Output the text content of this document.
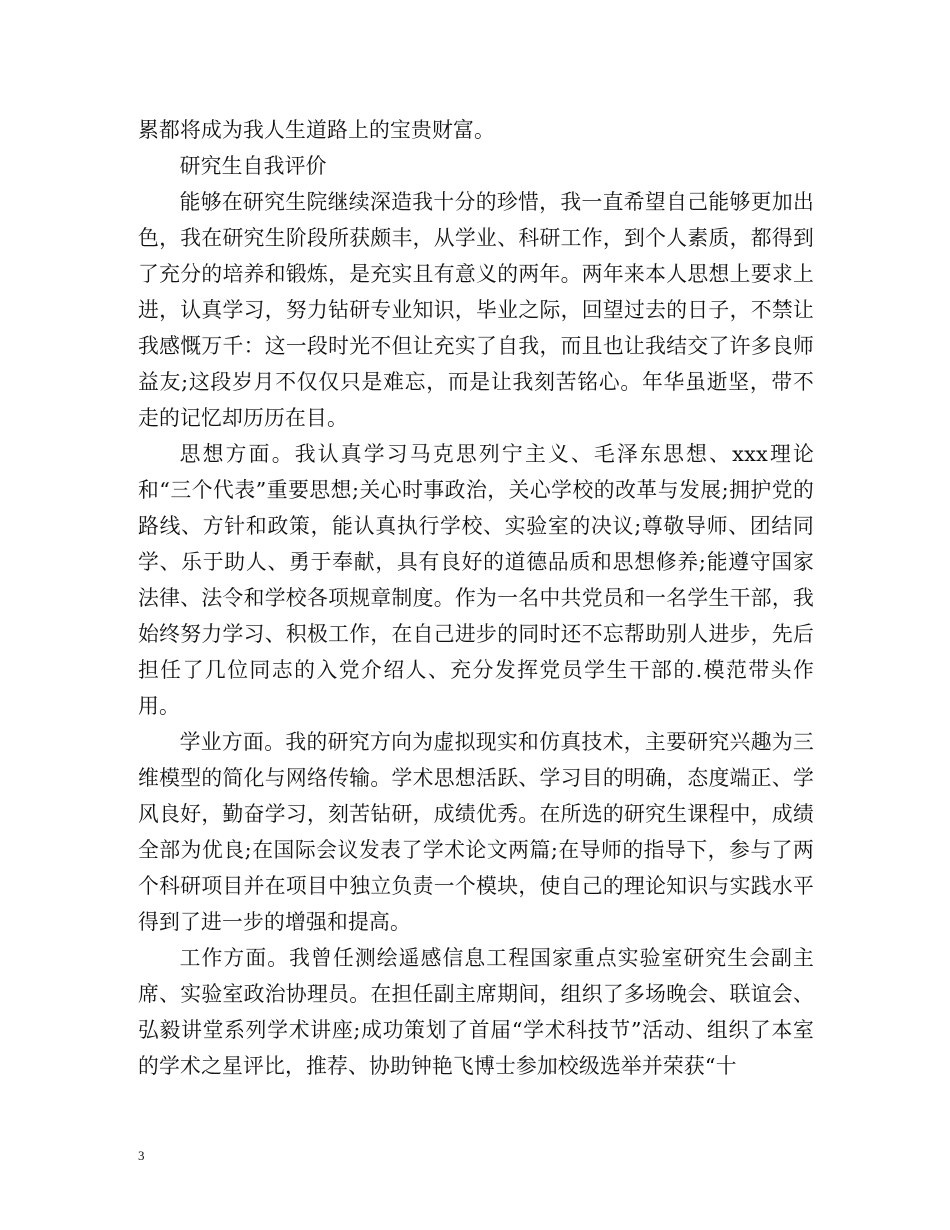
累都将成为我人生道路上的宝贵财富。

研究生自我评价

能够在研究生院继续深造我十分的珍惜，我一直希望自己能够更加出色，我在研究生阶段所获颇丰，从学业、科研工作，到个人素质，都得到了充分的培养和锻炼，是充实且有意义的两年。两年来本人思想上要求上进，认真学习，努力钻研专业知识，毕业之际，回望过去的日子，不禁让我感慨万千：这一段时光不但让充实了自我，而且也让我结交了许多良师益友;这段岁月不仅仅只是难忘，而是让我刻苦铭心。年华虽逝坚，带不走的记忆却历历在目。

思想方面。我认真学习马克思列宁主义、毛泽东思想、xxx理论和“三个代表”重要思想;关心时事政治，关心学校的改革与发展;拥护党的路线、方针和政策，能认真执行学校、实验室的决议;尊敬导师、团结同学、乐于助人、勇于奉献，具有良好的道德品质和思想修养;能遵守国家法律、法令和学校各项规章制度。作为一名中共党员和一名学生干部，我始终努力学习、积极工作，在自己进步的同时还不忘帮助别人进步，先后担任了几位同志的入党介绍人、充分发挥党员学生干部的.模范带头作用。

学业方面。我的研究方向为虚拟现实和仿真技术，主要研究兴趣为三维模型的简化与网络传输。学术思想活跃、学习目的明确，态度端正、学风良好，勤奋学习，刻苦钻研，成绩优秀。在所选的研究生课程中，成绩全部为优良;在国际会议发表了学术论文两篇;在导师的指导下，参与了两个科研项目并在项目中独立负责一个模块，使自己的理论知识与实践水平得到了进一步的增强和提高。

工作方面。我曾任测绘遥感信息工程国家重点实验室研究生会副主席、实验室政治协理员。在担任副主席期间，组织了多场晚会、联谊会、弘毅讲堂系列学术讲座;成功策划了首届“学术科技节”活动、组织了本室的学术之星评比，推荐、协助钟艳飞博士参加校级选举并荣获“十

3
